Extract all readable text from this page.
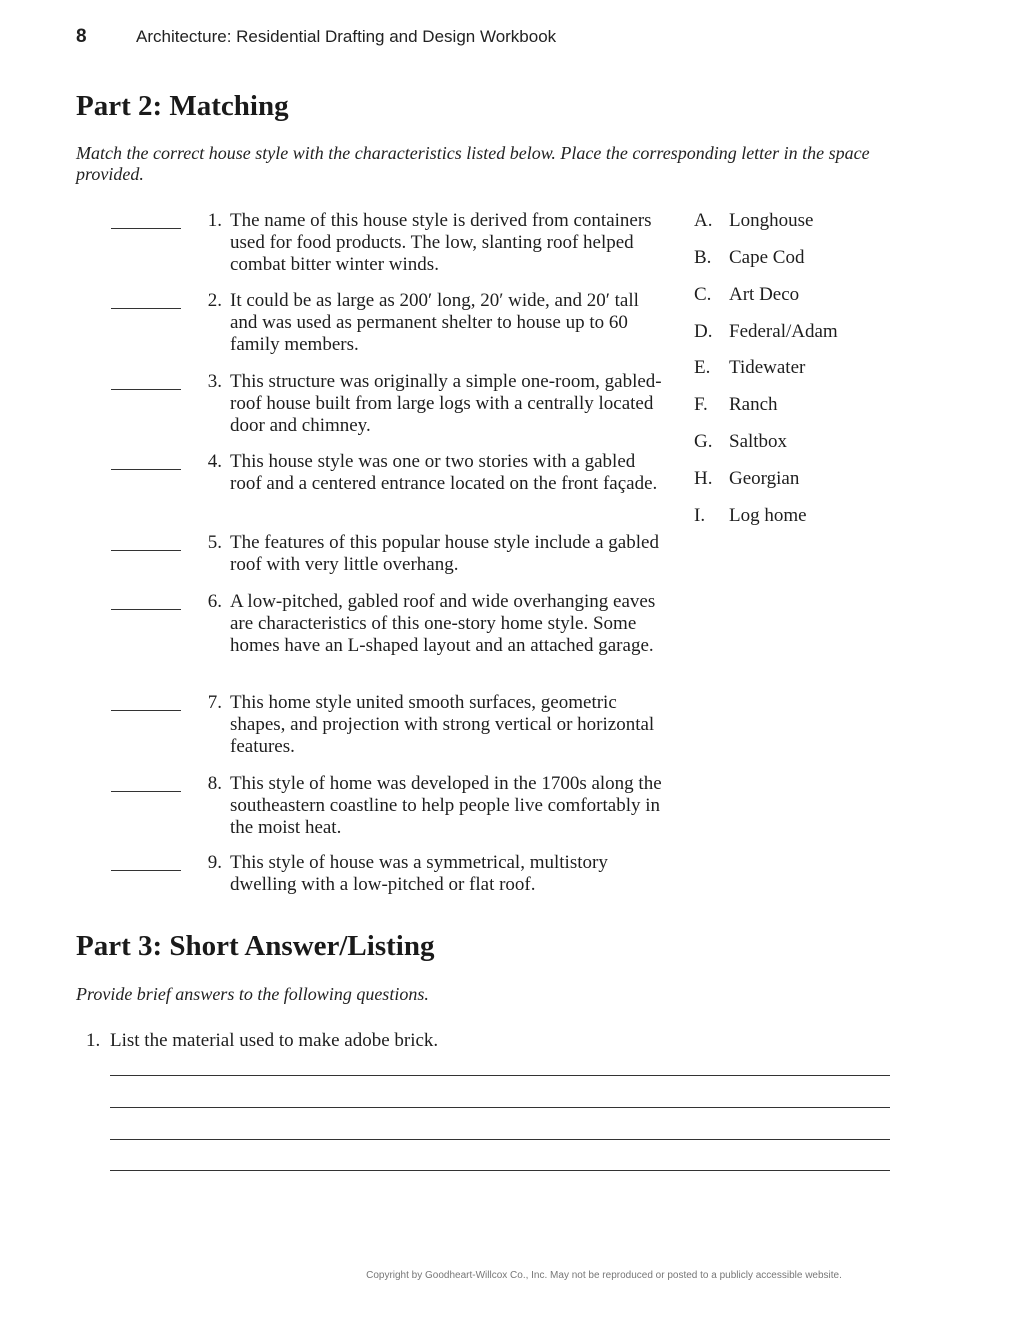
8	Architecture: Residential Drafting and Design Workbook
Part 2: Matching

Match the correct house style with the characteristics listed below. Place the corresponding letter in the space provided.

1. The name of this house style is derived from containers used for food products. The low, slanting roof helped combat bitter winter winds.
2. It could be as large as 200′ long, 20′ wide, and 20′ tall and was used as permanent shelter to house up to 60 family members.
3. This structure was originally a simple one-room, gabled-roof house built from large logs with a centrally located door and chimney.
4. This house style was one or two stories with a gabled roof and a centered entrance located on the front façade.
5. The features of this popular house style include a gabled roof with very little overhang.
6. A low-pitched, gabled roof and wide overhanging eaves are characteristics of this one-story home style. Some homes have an L-shaped layout and an attached garage.
7. This home style united smooth surfaces, geometric shapes, and projection with strong vertical or horizontal features.
8. This style of home was developed in the 1700s along the southeastern coastline to help people live comfortably in the moist heat.
9. This style of house was a symmetrical, multistory dwelling with a low-pitched or flat roof.
A. Longhouse
B. Cape Cod
C. Art Deco
D. Federal/Adam
E. Tidewater
F.	Ranch
G. Saltbox
H. Georgian
I.	Log home
Part 3: Short Answer/Listing

Provide brief answers to the following questions.

1. List the material used to make adobe brick.
Copyright by Goodheart-Willcox Co., Inc. May not be reproduced or posted to a publicly accessible website.
